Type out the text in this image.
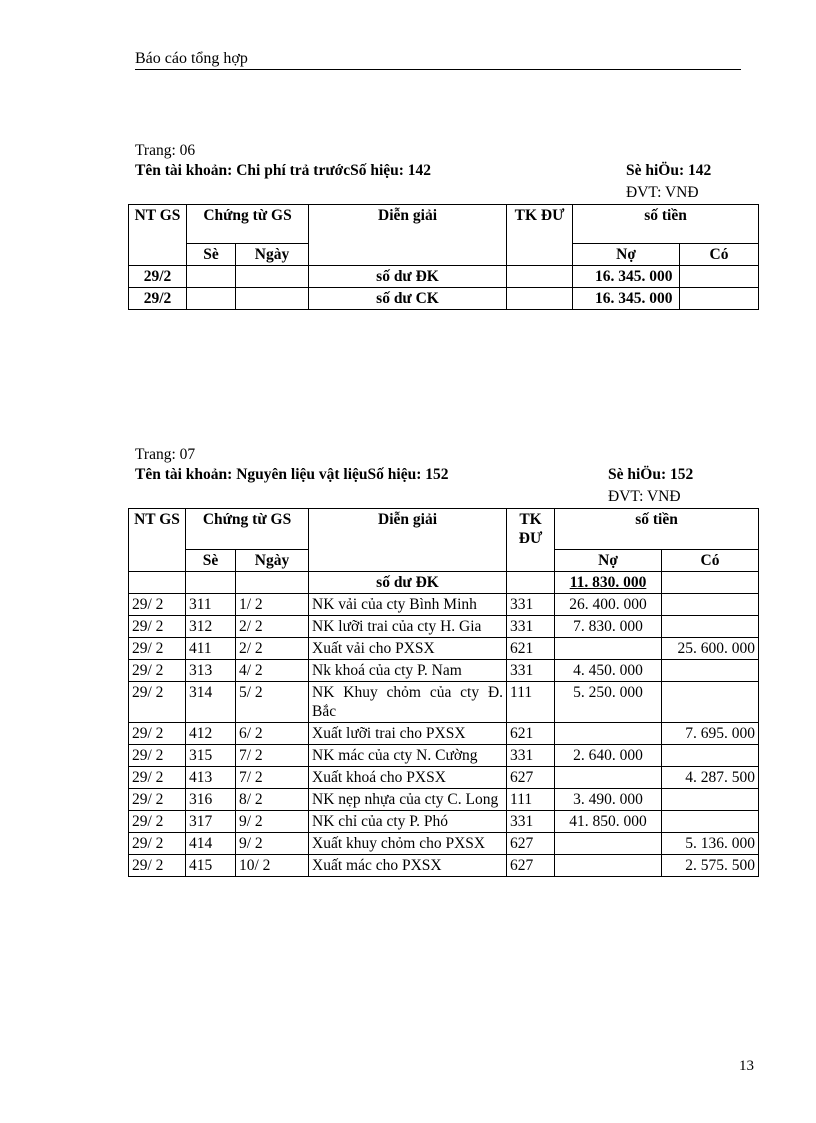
Báo cáo tổng hợp
Trang: 06
Tên tài khoản: Chi phí trả trướcSố hiệu: 142	Sè hiÖu: 142
ĐVT: VNĐ
NT GS	Chứng từ GS		Diễn giải	TK ĐƯ	số tiền	
	Sè	Ngày			Nợ	Có
29/2			số dư ĐK		16. 345. 000	
29/2			số dư CK		16. 345. 000	
Trang: 07
Tên tài khoản: Nguyên liệu vật liệuSố hiệu: 152	Sè hiÖu: 152
ĐVT: VNĐ
NT GS	Chứng từ GS		Diễn giải	TK ĐƯ	số tiền	
	Sè	Ngày			Nợ	Có
			số dư ĐK		11. 830. 000	
29/ 2	311	1/ 2	NK vải của cty Bình Minh	331	26. 400. 000	
29/ 2	312	2/ 2	NK lưỡi trai của cty H. Gia	331	7. 830. 000	
29/ 2	411	2/ 2	Xuất vải cho PXSX	621		25. 600. 000
29/ 2	313	4/ 2	Nk khoá của cty P. Nam	331	4. 450. 000	
29/ 2	314	5/ 2	NK Khuy chỏm của cty Đ. Bắc	111	5. 250. 000	
29/ 2	412	6/ 2	Xuất lưỡi trai cho PXSX	621		7. 695. 000
29/ 2	315	7/ 2	NK mác của cty N. Cường	331	2. 640. 000	
29/ 2	413	7/ 2	Xuất khoá cho PXSX	627		4. 287. 500
29/ 2	316	8/ 2	NK nẹp nhựa của cty C. Long	111	3. 490. 000	
29/ 2	317	9/ 2	NK chỉ của cty P. Phó	331	41. 850. 000	
29/ 2	414	9/ 2	Xuất khuy chỏm cho PXSX	627		5. 136. 000
29/ 2	415	10/ 2	Xuất mác cho PXSX	627		2. 575. 500
13
